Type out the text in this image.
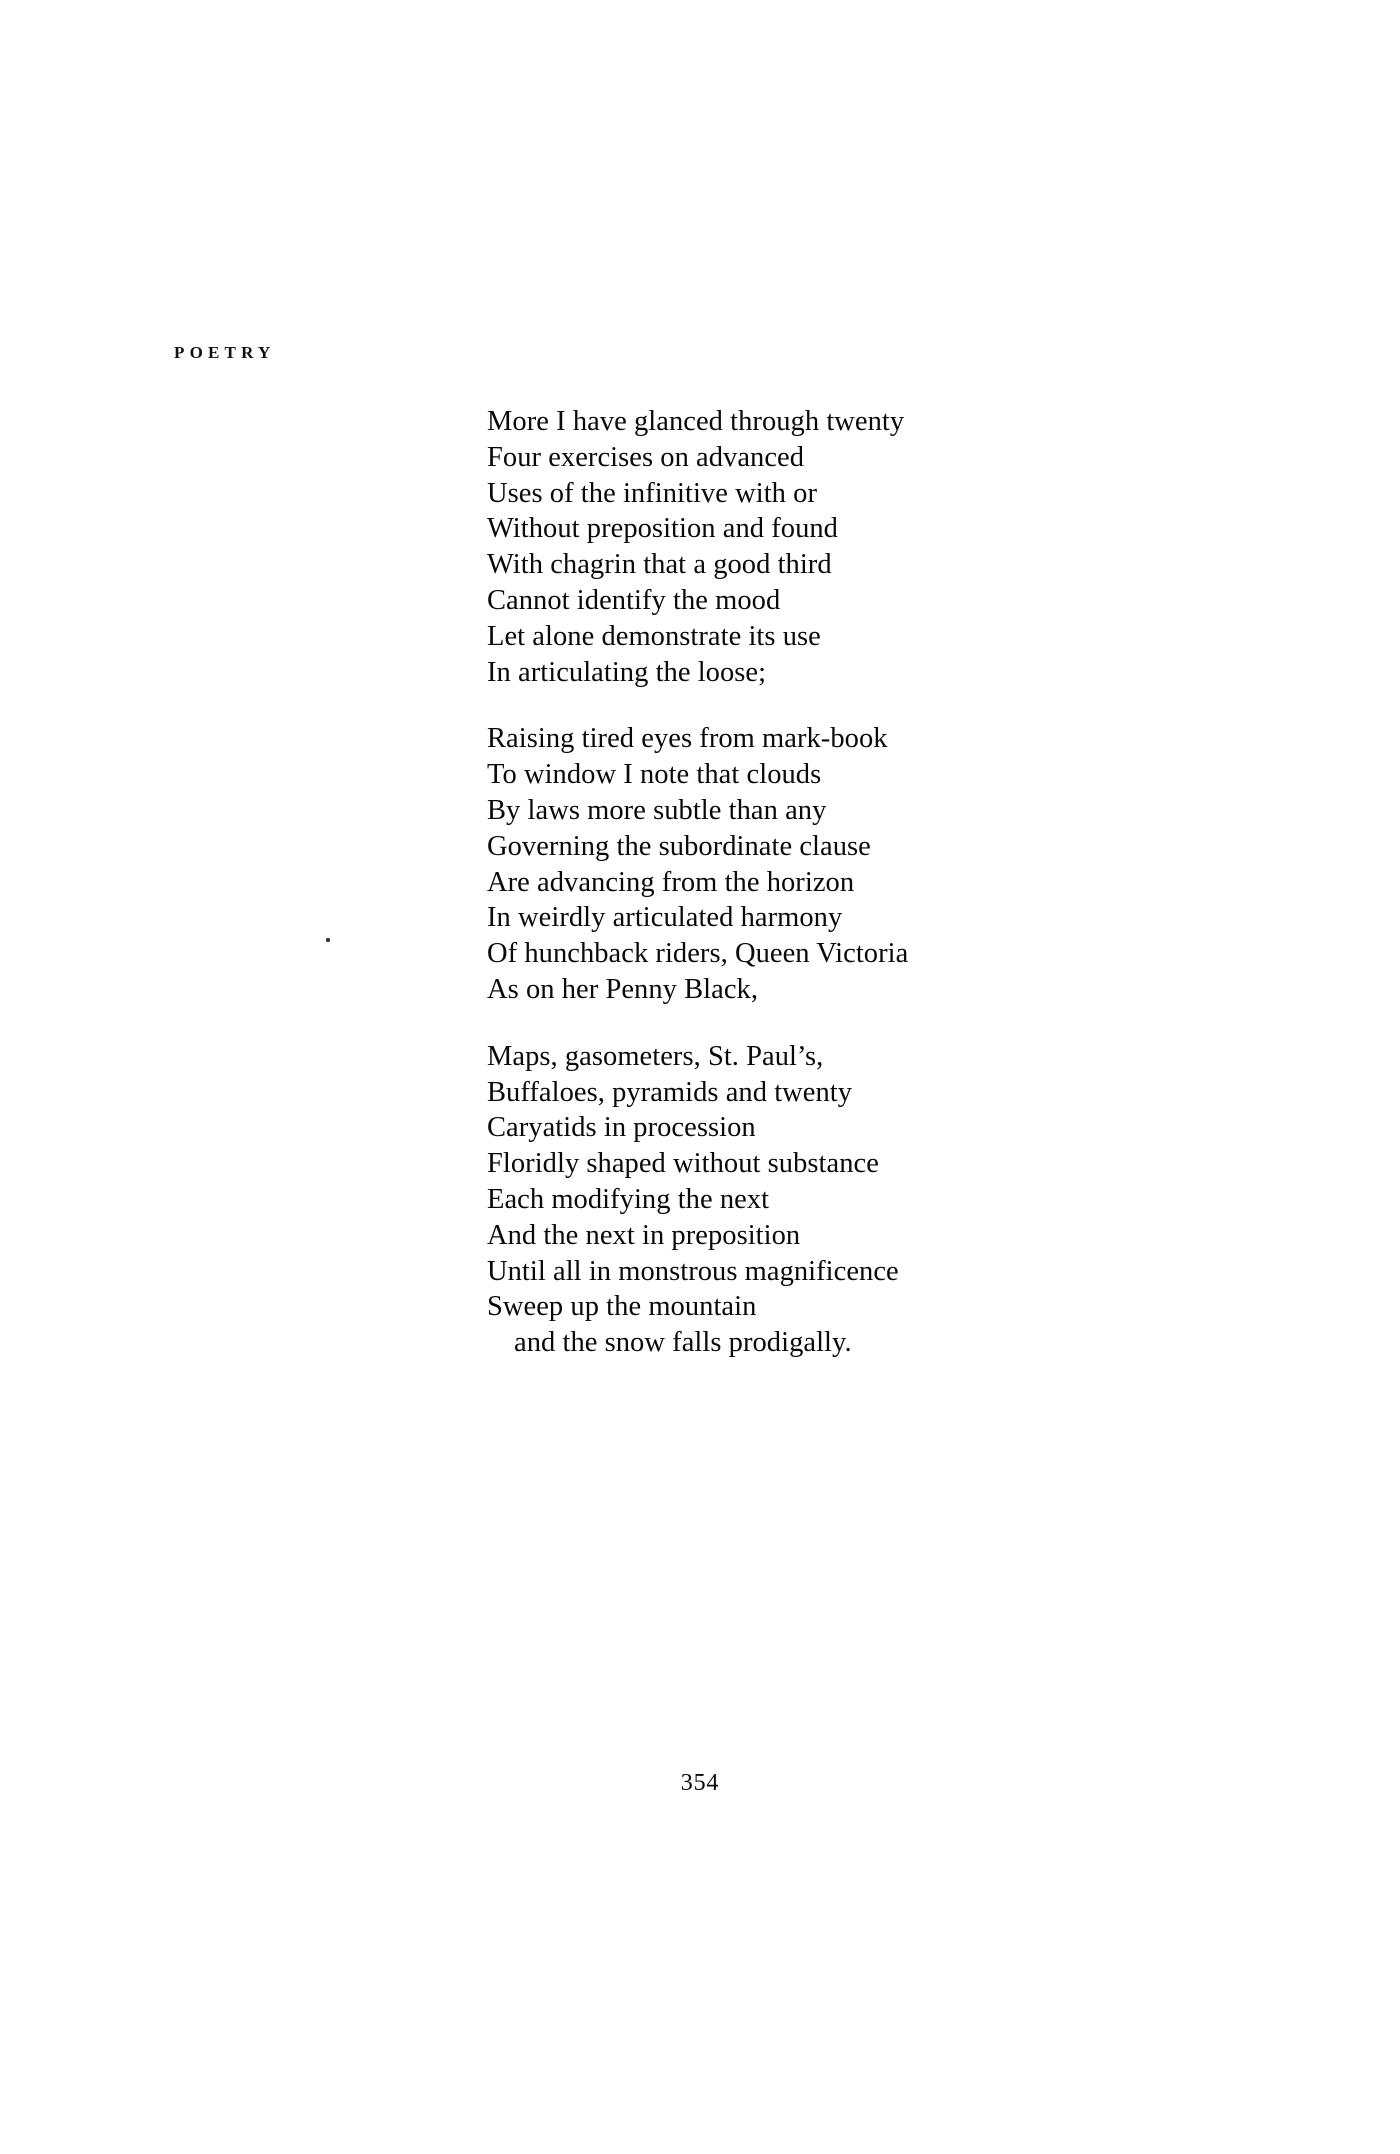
POETRY
More I have glanced through twenty
Four exercises on advanced
Uses of the infinitive with or
Without preposition and found
With chagrin that a good third
Cannot identify the mood
Let alone demonstrate its use
In articulating the loose;
Raising tired eyes from mark-book
To window I note that clouds
By laws more subtle than any
Governing the subordinate clause
Are advancing from the horizon
In weirdly articulated harmony
Of hunchback riders, Queen Victoria
As on her Penny Black,
Maps, gasometers, St. Paul’s,
Buffaloes, pyramids and twenty
Caryatids in procession
Floridly shaped without substance
Each modifying the next
And the next in preposition
Until all in monstrous magnificence
Sweep up the mountain
and the snow falls prodigally.
354
